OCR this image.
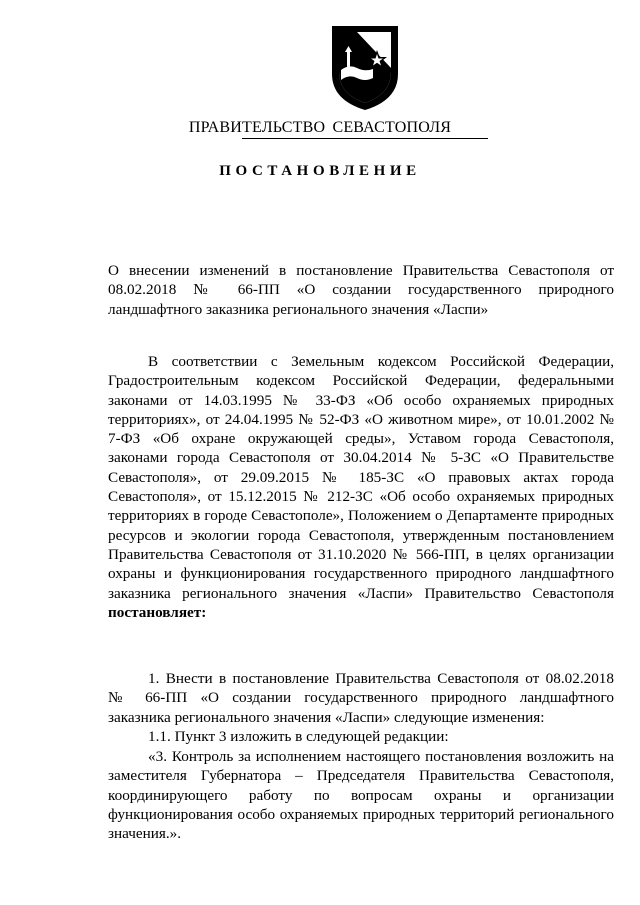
ПРАВИТЕЛЬСТВО СЕВАСТОПОЛЯ
ПОСТАНОВЛЕНИЕ
О внесении изменений в постановление Правительства Севастополя от 08.02.2018 № 66-ПП «О создании государственного природного ландшафтного заказника регионального значения «Ласпи»

В соответствии с Земельным кодексом Российской Федерации, Градостроительным кодексом Российской Федерации, федеральными законами от 14.03.1995 № 33-ФЗ «Об особо охраняемых природных территориях», от 24.04.1995 № 52-ФЗ «О животном мире», от 10.01.2002 № 7-ФЗ «Об охране окружающей среды», Уставом города Севастополя, законами города Севастополя от 30.04.2014 № 5-ЗС «О Правительстве Севастополя», от 29.09.2015 № 185-ЗС «О правовых актах города Севастополя», от 15.12.2015 № 212-ЗС «Об особо охраняемых природных территориях в городе Севастополе», Положением о Департаменте природных ресурсов и экологии города Севастополя, утвержденным постановлением Правительства Севастополя от 31.10.2020 № 566-ПП, в целях организации охраны и функционирования государственного природного ландшафтного заказника регионального значения «Ласпи» Правительство Севастополя постановляет:

1. Внести в постановление Правительства Севастополя от 08.02.2018 № 66-ПП «О создании государственного природного ландшафтного заказника регионального значения «Ласпи» следующие изменения:

1.1. Пункт 3 изложить в следующей редакции:

«3. Контроль за исполнением настоящего постановления возложить на заместителя Губернатора – Председателя Правительства Севастополя, координирующего работу по вопросам охраны и организации функционирования особо охраняемых природных территорий регионального значения.».
